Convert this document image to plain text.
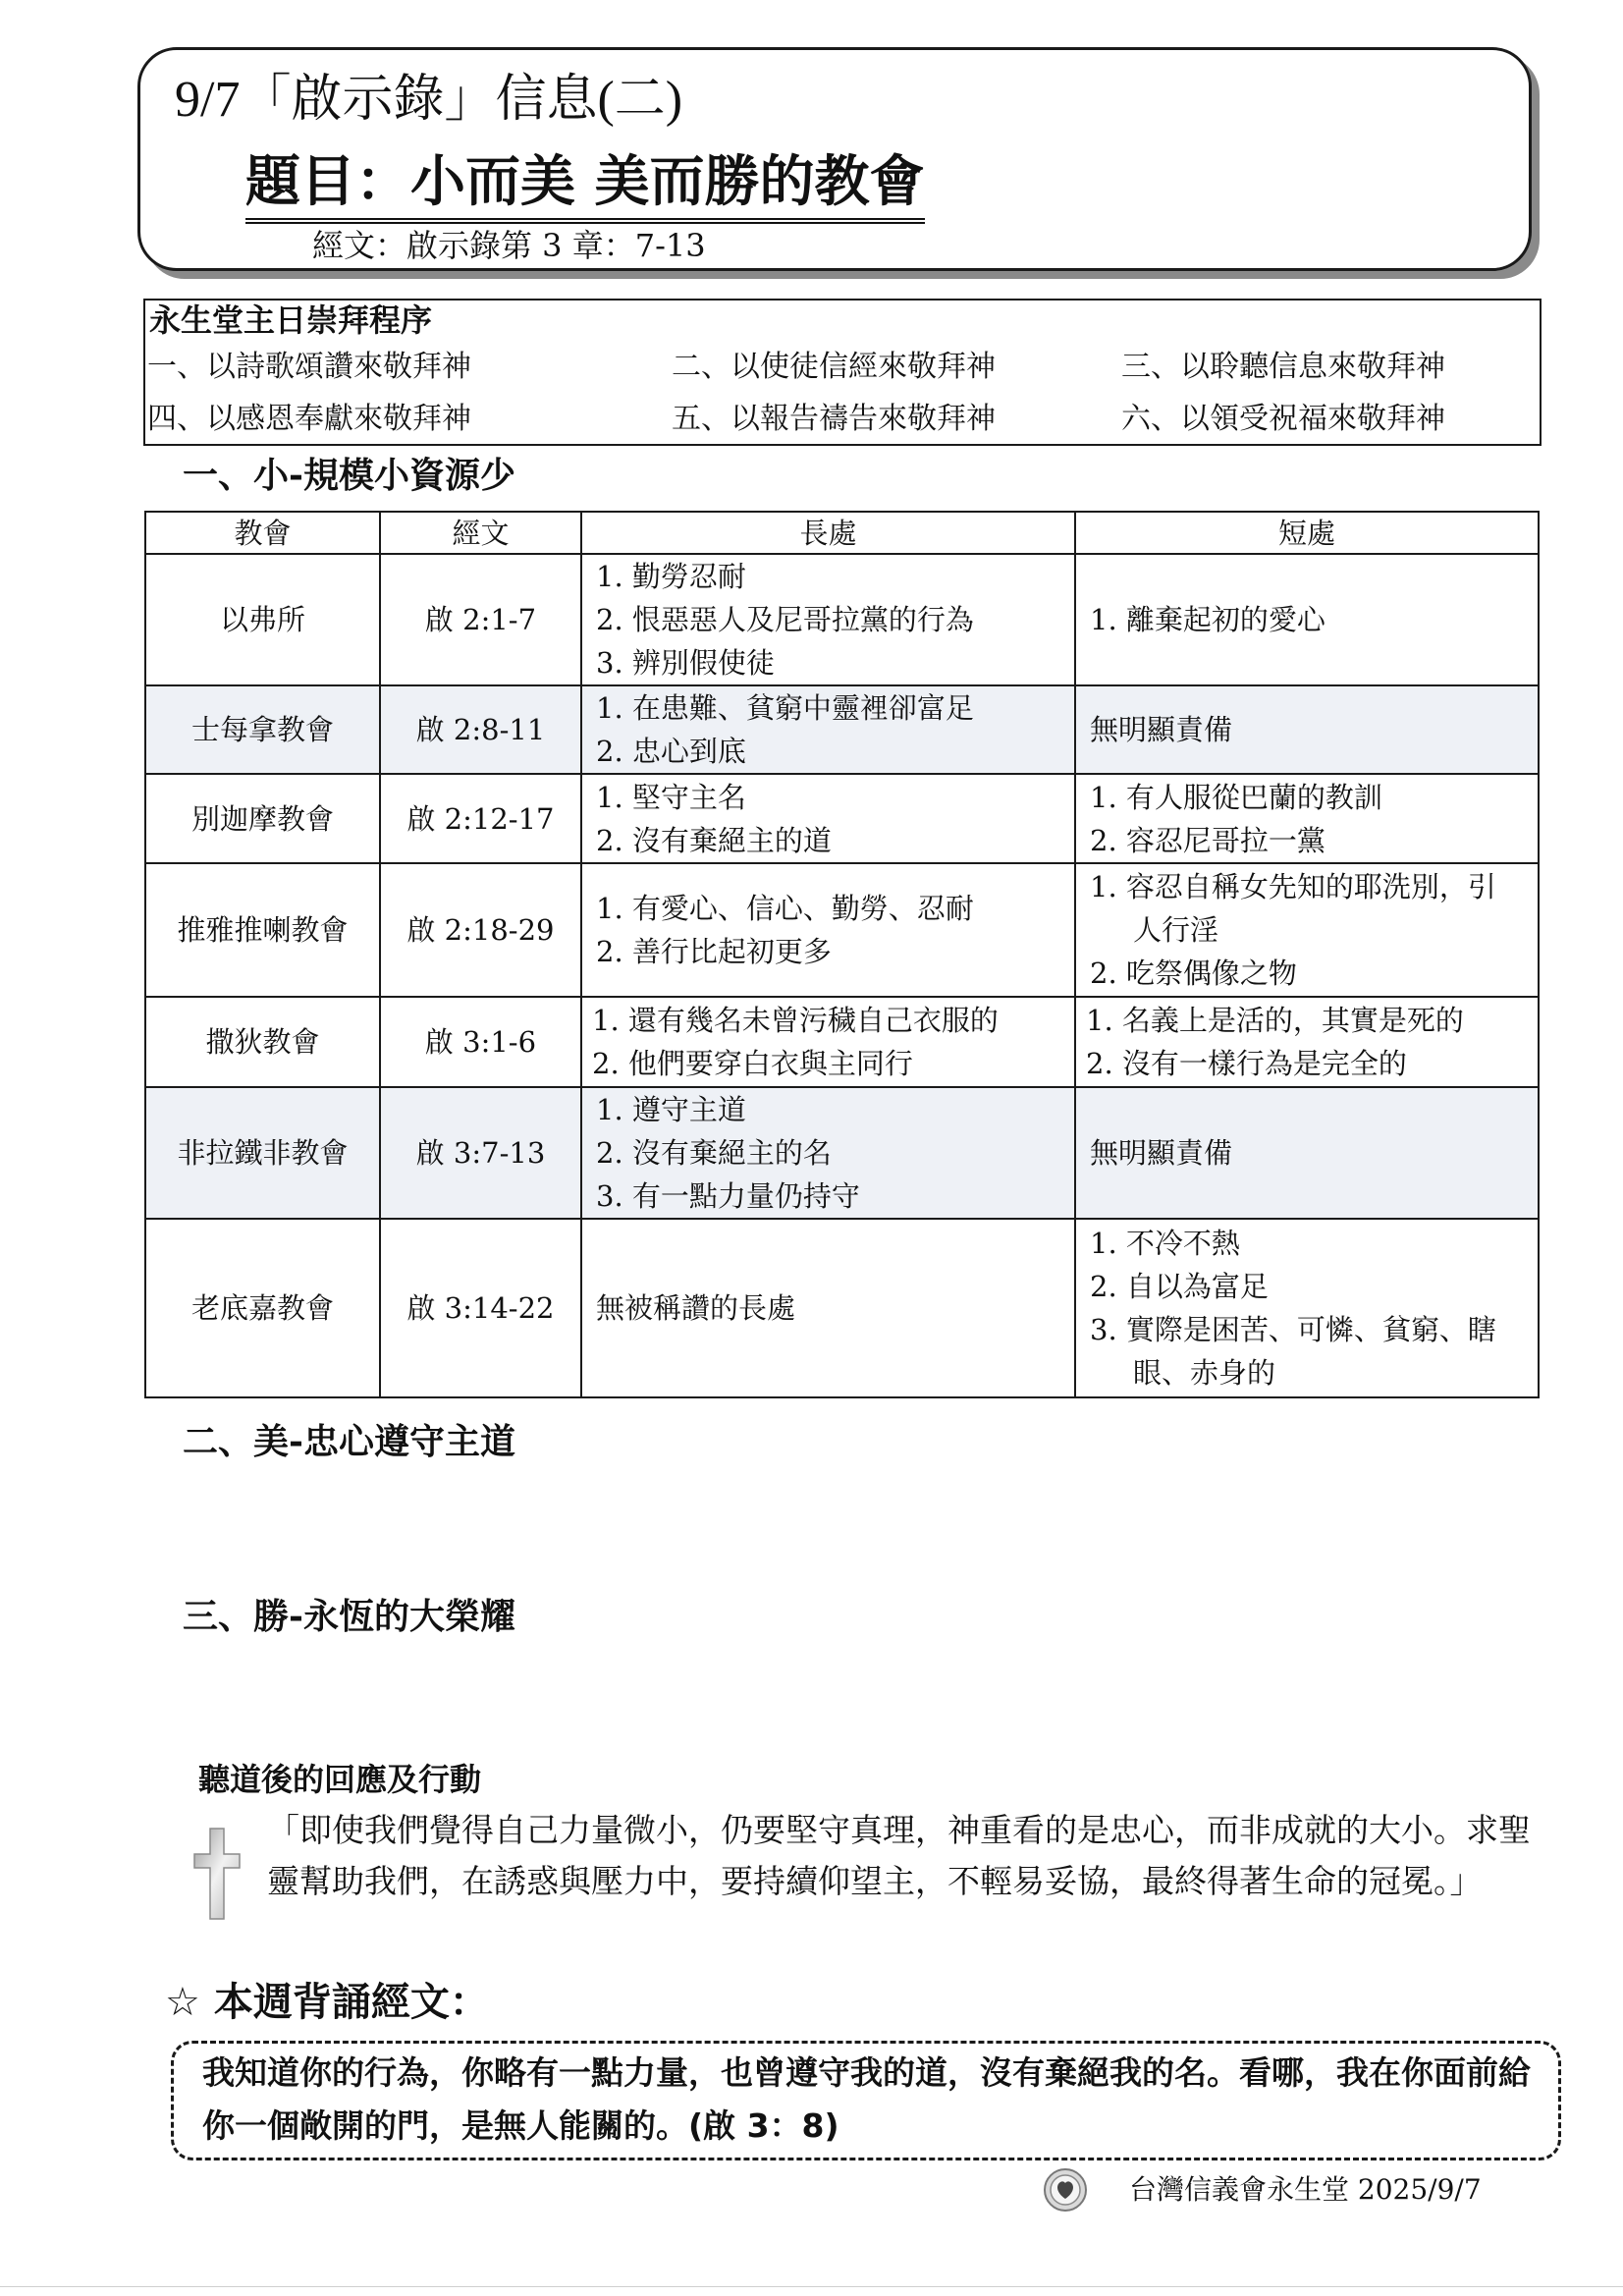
9/7「啟示錄」信息(二)
題目：小而美 美而勝的教會
經文：啟示錄第 3 章：7-13
永生堂主日崇拜程序
一、以詩歌頌讚來敬拜神	二、以使徒信經來敬拜神	三、以聆聽信息來敬拜神
四、以感恩奉獻來敬拜神	五、以報告禱告來敬拜神	六、以領受祝福來敬拜神
一、小-規模小資源少
教會	經文	長處	短處
以弗所	啟 2:1-7	1. 勤勞忍耐
2. 恨惡惡人及尼哥拉黨的行為
3. 辨別假使徒	1. 離棄起初的愛心

士每拿教會	啟 2:8-11	1. 在患難、貧窮中靈裡卻富足
2. 忠心到底	無明顯責備

別迦摩教會	啟 2:12-17	1. 堅守主名
2. 沒有棄絕主的道	1. 有人服從巴蘭的教訓
2. 容忍尼哥拉一黨

推雅推喇教會	啟 2:18-29	1. 有愛心、信心、勤勞、忍耐
2. 善行比起初更多	1. 容忍自稱女先知的耶洗別，引人行淫
2. 吃祭偶像之物

撒狄教會	啟 3:1-6	1. 還有幾名未曾污穢自己衣服的
2. 他們要穿白衣與主同行	1. 名義上是活的，其實是死的
2. 沒有一樣行為是完全的

非拉鐵非教會	啟 3:7-13	1. 遵守主道
2. 沒有棄絕主的名
3. 有一點力量仍持守	無明顯責備

老底嘉教會	啟 3:14-22	無被稱讚的長處	1. 不冷不熱
2. 自以為富足
3. 實際是困苦、可憐、貧窮、瞎眼、赤身的
二、美-忠心遵守主道
三、勝-永恆的大榮耀
聽道後的回應及行動
「即使我們覺得自己力量微小，仍要堅守真理，神重看的是忠心，而非成就的大小。求聖靈幫助我們，在誘惑與壓力中，要持續仰望主，不輕易妥協，最終得著生命的冠冕。」
☆ 本週背誦經文：
我知道你的行為，你略有一點力量，也曾遵守我的道，沒有棄絕我的名。看哪，我在你面前給你一個敞開的門，是無人能關的。(啟 3：8)
台灣信義會永生堂 2025/9/7
